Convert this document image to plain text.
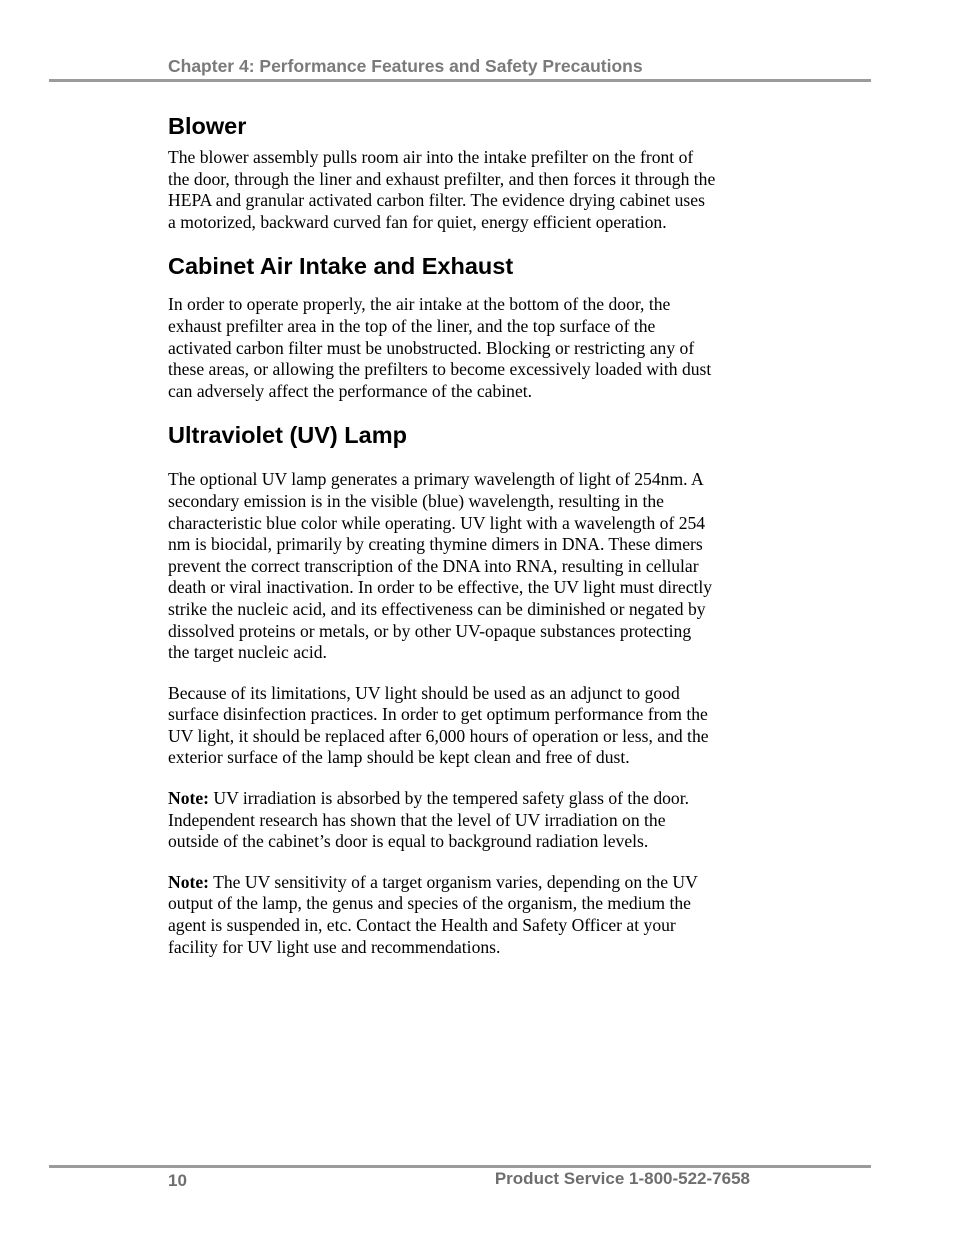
Chapter 4: Performance Features and Safety Precautions
Blower

The blower assembly pulls room air into the intake prefilter on the front of
the door, through the liner and exhaust prefilter, and then forces it through the
HEPA and granular activated carbon filter. The evidence drying cabinet uses
a motorized, backward curved fan for quiet, energy efficient operation.

Cabinet Air Intake and Exhaust

In order to operate properly, the air intake at the bottom of the door, the
exhaust prefilter area in the top of the liner, and the top surface of the
activated carbon filter must be unobstructed. Blocking or restricting any of
these areas, or allowing the prefilters to become excessively loaded with dust
can adversely affect the performance of the cabinet.

Ultraviolet (UV) Lamp

The optional UV lamp generates a primary wavelength of light of 254nm. A
secondary emission is in the visible (blue) wavelength, resulting in the
characteristic blue color while operating. UV light with a wavelength of 254
nm is biocidal, primarily by creating thymine dimers in DNA. These dimers
prevent the correct transcription of the DNA into RNA, resulting in cellular
death or viral inactivation. In order to be effective, the UV light must directly
strike the nucleic acid, and its effectiveness can be diminished or negated by
dissolved proteins or metals, or by other UV-opaque substances protecting
the target nucleic acid.

Because of its limitations, UV light should be used as an adjunct to good
surface disinfection practices. In order to get optimum performance from the
UV light, it should be replaced after 6,000 hours of operation or less, and the
exterior surface of the lamp should be kept clean and free of dust.

Note: UV irradiation is absorbed by the tempered safety glass of the door.
Independent research has shown that the level of UV irradiation on the
outside of the cabinet’s door is equal to background radiation levels.

Note: The UV sensitivity of a target organism varies, depending on the UV
output of the lamp, the genus and species of the organism, the medium the
agent is suspended in, etc. Contact the Health and Safety Officer at your
facility for UV light use and recommendations.

10	Product Service 1-800-522-7658
